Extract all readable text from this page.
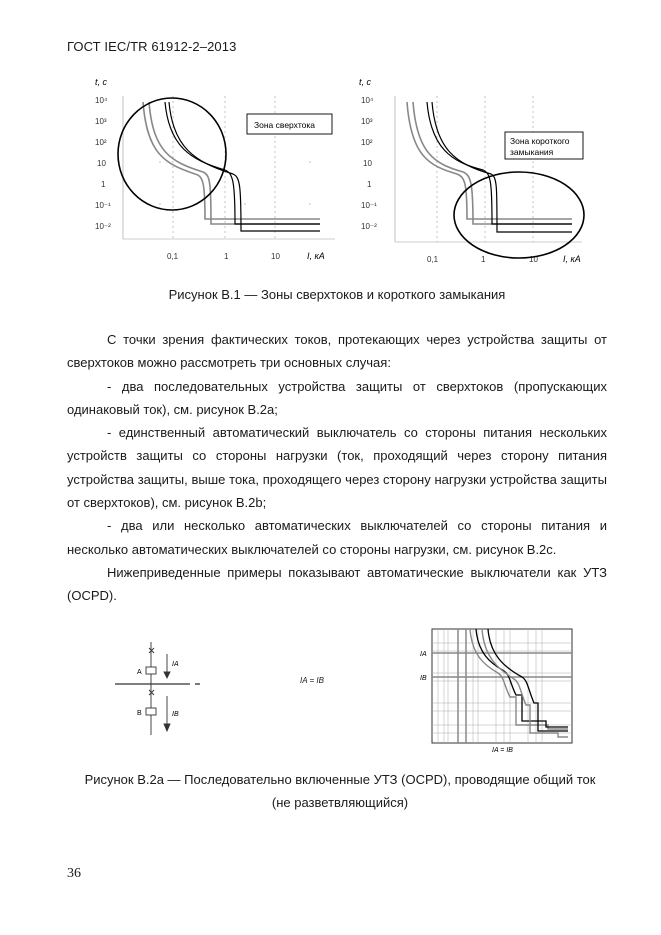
ГОСТ IEC/TR 61912-2–2013
t, c
10⁴
10³
10²
10
1
10⁻¹
10⁻²
0,1	1	10	I, кА
Зона сверхтока
t, c
10⁴
10³
10²
10
1
10⁻¹
10⁻²
0,1	1	10	I, кА
Зона короткого
замыкания
Рисунок В.1 — Зоны сверхтоков и короткого замыкания

С точки зрения фактических токов, протекающих через устройства защиты от сверхтоков можно рассмотреть три основных случая:

- два последовательных устройства защиты от сверхтоков (пропускающих одинаковый ток), см. рисунок В.2а;

- единственный автоматический выключатель со стороны питания нескольких устройств защиты со стороны нагрузки (ток, проходящий через сторону питания устройства защиты, выше тока, проходящего через сторону нагрузки устройства защиты от сверхтоков), см. рисунок В.2b;

- два или несколько автоматических выключателей со стороны питания и несколько автоматических выключателей со стороны нагрузки, см. рисунок В.2с.

Нижеприведенные примеры показывают автоматические выключатели как УТЗ (OCPD).

A
B
IA
IB
IA = IB
IA
IB
IA = IB
Рисунок В.2а — Последовательно включенные УТЗ (OCPD), проводящие общий ток
(не разветвляющийся)
36
